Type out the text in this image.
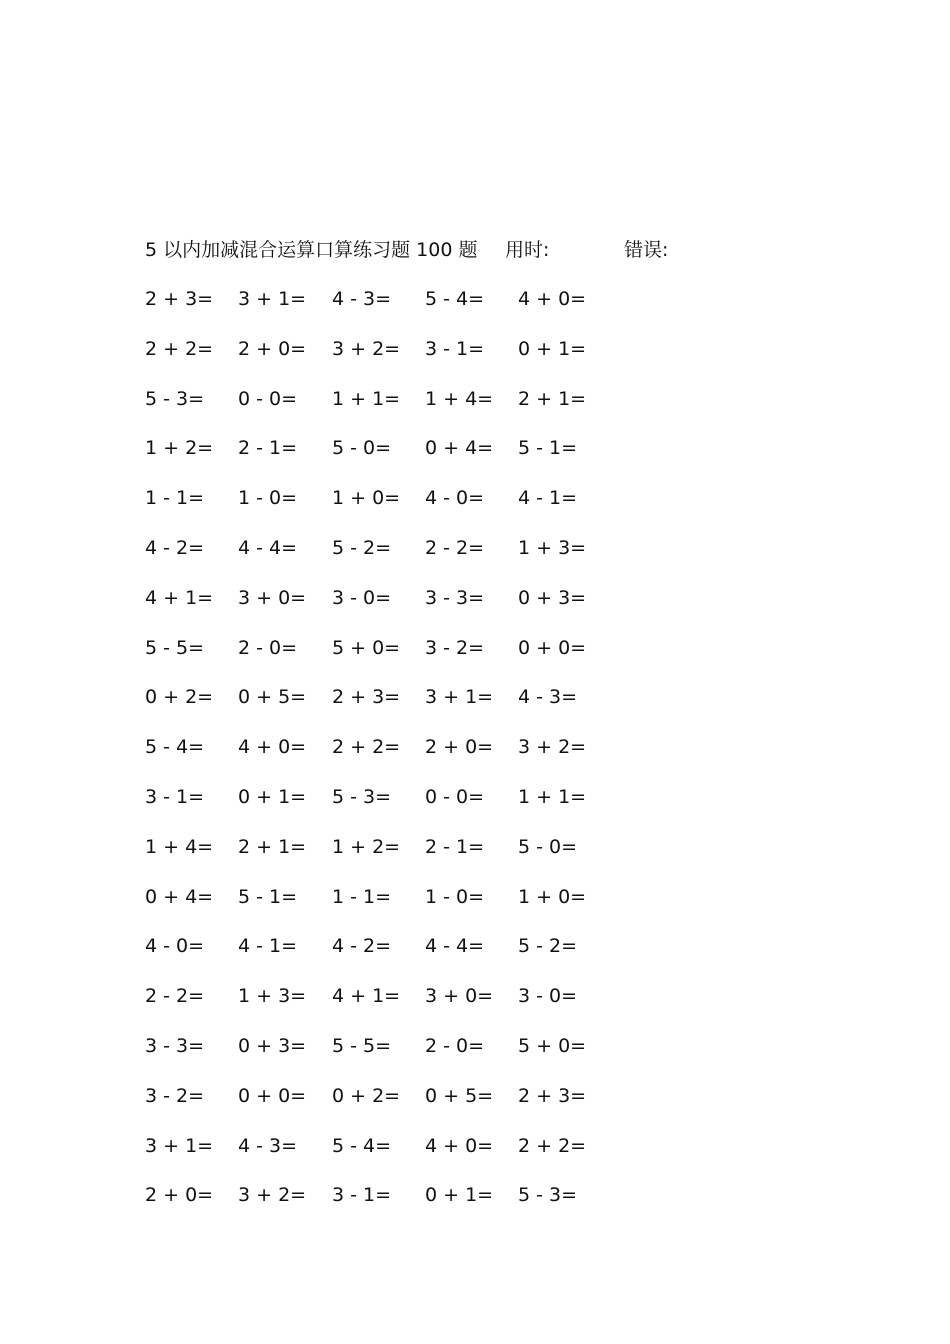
5 以内加减混合运算口算练习题 100 题 用时:	错误:
2 + 3= 3 + 1= 4 - 3= 5 - 4= 4 + 0=
2 + 2= 2 + 0= 3 + 2= 3 - 1= 0 + 1=
5 - 3= 0 - 0= 1 + 1= 1 + 4= 2 + 1=
1 + 2= 2 - 1= 5 - 0= 0 + 4= 5 - 1=
1 - 1= 1 - 0= 1 + 0= 4 - 0= 4 - 1=
4 - 2= 4 - 4= 5 - 2= 2 - 2= 1 + 3=
4 + 1= 3 + 0= 3 - 0= 3 - 3= 0 + 3=
5 - 5= 2 - 0= 5 + 0= 3 - 2= 0 + 0=
0 + 2= 0 + 5= 2 + 3= 3 + 1= 4 - 3=
5 - 4= 4 + 0= 2 + 2= 2 + 0= 3 + 2=
3 - 1= 0 + 1= 5 - 3= 0 - 0= 1 + 1=
1 + 4= 2 + 1= 1 + 2= 2 - 1= 5 - 0=
0 + 4= 5 - 1= 1 - 1= 1 - 0= 1 + 0=
4 - 0= 4 - 1= 4 - 2= 4 - 4= 5 - 2=
2 - 2= 1 + 3= 4 + 1= 3 + 0= 3 - 0=
3 - 3= 0 + 3= 5 - 5= 2 - 0= 5 + 0=
3 - 2= 0 + 0= 0 + 2= 0 + 5= 2 + 3=
3 + 1= 4 - 3= 5 - 4= 4 + 0= 2 + 2=
2 + 0= 3 + 2= 3 - 1= 0 + 1= 5 - 3=
